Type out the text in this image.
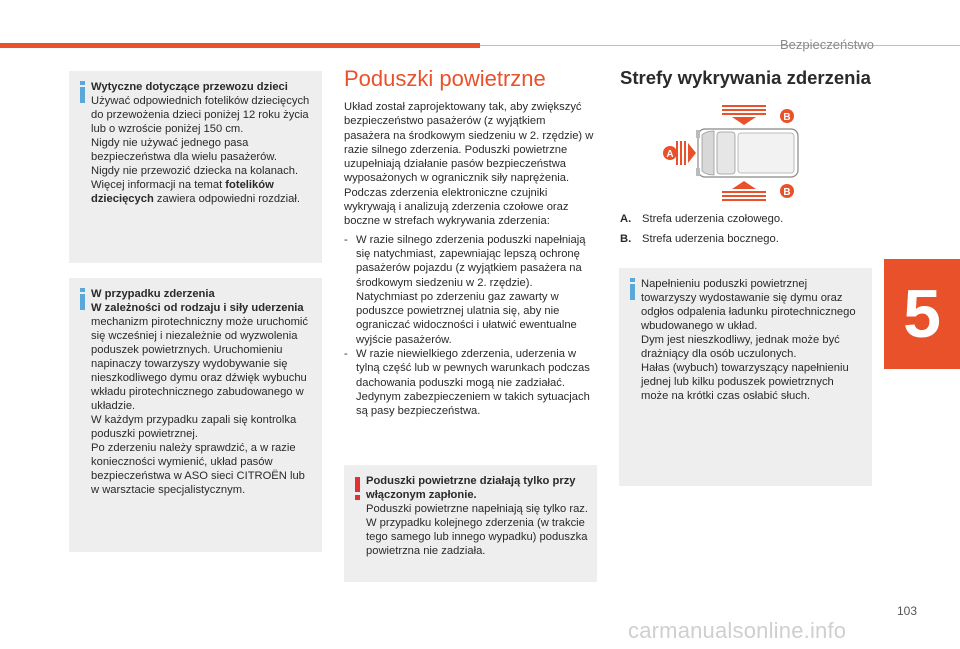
Bezpieczeństwo
5
103
carmanualsonline.info
Wytyczne dotyczące przewozu dzieci
Używać odpowiednich fotelików dziecięcych do przewożenia dzieci poniżej 12 roku życia lub o wzroście poniżej 150 cm.
Nigdy nie używać jednego pasa bezpieczeństwa dla wielu pasażerów.
Nigdy nie przewozić dziecka na kolanach.
Więcej informacji na temat fotelików dziecięcych zawiera odpowiedni rozdział.
W przypadku zderzenia
W zależności od rodzaju i siły uderzenia mechanizm pirotechniczny może uruchomić się wcześniej i niezależnie od wyzwolenia poduszek powietrznych. Uruchomieniu napinaczy towarzyszy wydobywanie się nieszkodliwego dymu oraz dźwięk wybuchu wkładu pirotechnicznego zabudowanego w układzie.
W każdym przypadku zapali się kontrolka poduszki powietrznej.
Po zderzeniu należy sprawdzić, a w razie konieczności wymienić, układ pasów bezpieczeństwa w ASO sieci CITROËN lub w warsztacie specjalistycznym.
Poduszki powietrzne

Układ został zaprojektowany tak, aby zwiększyć bezpieczeństwo pasażerów (z wyjątkiem pasażera na środkowym siedzeniu w 2. rzędzie) w razie silnego zderzenia. Poduszki powietrzne uzupełniają działanie pasów bezpieczeństwa wyposażonych w ogranicznik siły naprężenia.

Podczas zderzenia elektroniczne czujniki wykrywają i analizują zderzenia czołowe oraz boczne w strefach wykrywania zderzenia:

- W razie silnego zderzenia poduszki napełniają się natychmiast, zapewniając lepszą ochronę pasażerów pojazdu (z wyjątkiem pasażera na środkowym siedzeniu w 2. rzędzie). Natychmiast po zderzeniu gaz zawarty w poduszce powietrznej ulatnia się, aby nie ograniczać widoczności i ułatwić ewentualne wyjście pasażerów.
- W razie niewielkiego zderzenia, uderzenia w tylną część lub w pewnych warunkach podczas dachowania poduszki mogą nie zadziałać. Jedynym zabezpieczeniem w takich sytuacjach są pasy bezpieczeństwa.
Poduszki powietrzne działają tylko przy włączonym zapłonie.
Poduszki powietrzne napełniają się tylko raz. W przypadku kolejnego zderzenia (w trakcie tego samego lub innego wypadku) poduszka powietrzna nie zadziała.
Strefy wykrywania zderzenia
A
B
B
A. Strefa uderzenia czołowego.
B. Strefa uderzenia bocznego.
Napełnieniu poduszki powietrznej towarzyszy wydostawanie się dymu oraz odgłos odpalenia ładunku pirotechnicznego wbudowanego w układ.
Dym jest nieszkodliwy, jednak może być drażniący dla osób uczulonych.
Hałas (wybuch) towarzyszący napełnieniu jednej lub kilku poduszek powietrznych może na krótki czas osłabić słuch.
